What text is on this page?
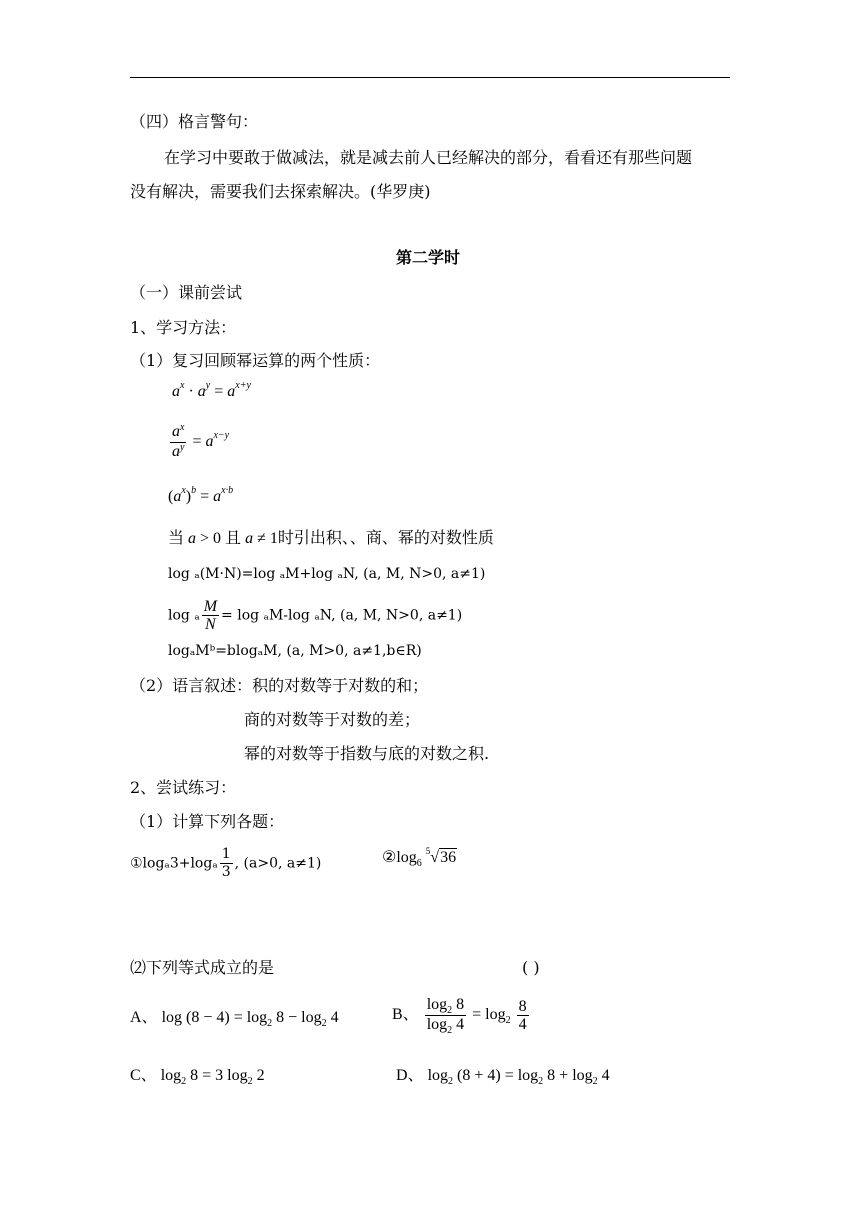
（四）格言警句：
在学习中要敢于做减法，就是减去前人已经解决的部分，看看还有那些问题
没有解决，需要我们去探索解决。(华罗庚)
第二学时
（一）课前尝试
1、学习方法：
（1）复习回顾幂运算的两个性质：
$a^x \cdot a^y = a^{x+y}$
$\frac{a^x}{a^y} = a^{x-y}$
$(a^x)^b = a^{x\cdot b}$
当 a > 0 且 a ≠ 1时引出积、、商、幂的对数性质
log ₐ(M·N)=log ₐM+log ₐN, (a, M, N>0, a≠1)
log ₐ $\frac{M}{N} = \log _aM-\log$ ₐN, (a, M, N>0, a≠1)
logₐMᵇ=blogₐM, (a, M>0, a≠1,b∈R)
（2）语言叙述：积的对数等于对数的和；
商的对数等于对数的差；
幂的对数等于指数与底的对数之积.
2、尝试练习：
（1）计算下列各题：
①logₐ3+logₐ $\frac{1}{3}$ , (a>0, a≠1)	$②\log_6$ $^5$√36
⑵下列等式成立的是	( )
A、 $\log (8 - 4) = \log_2 8 - \log_2 4$	B、 $\frac{\log_2 8}{\log_2 4} = \log_2 \frac{8}{4}$
C、 $\log_2 8 = 3$ $\log_2 2$	D、 $\log_2 (8 + 4) = \log_2 8 + \log_2 4$
